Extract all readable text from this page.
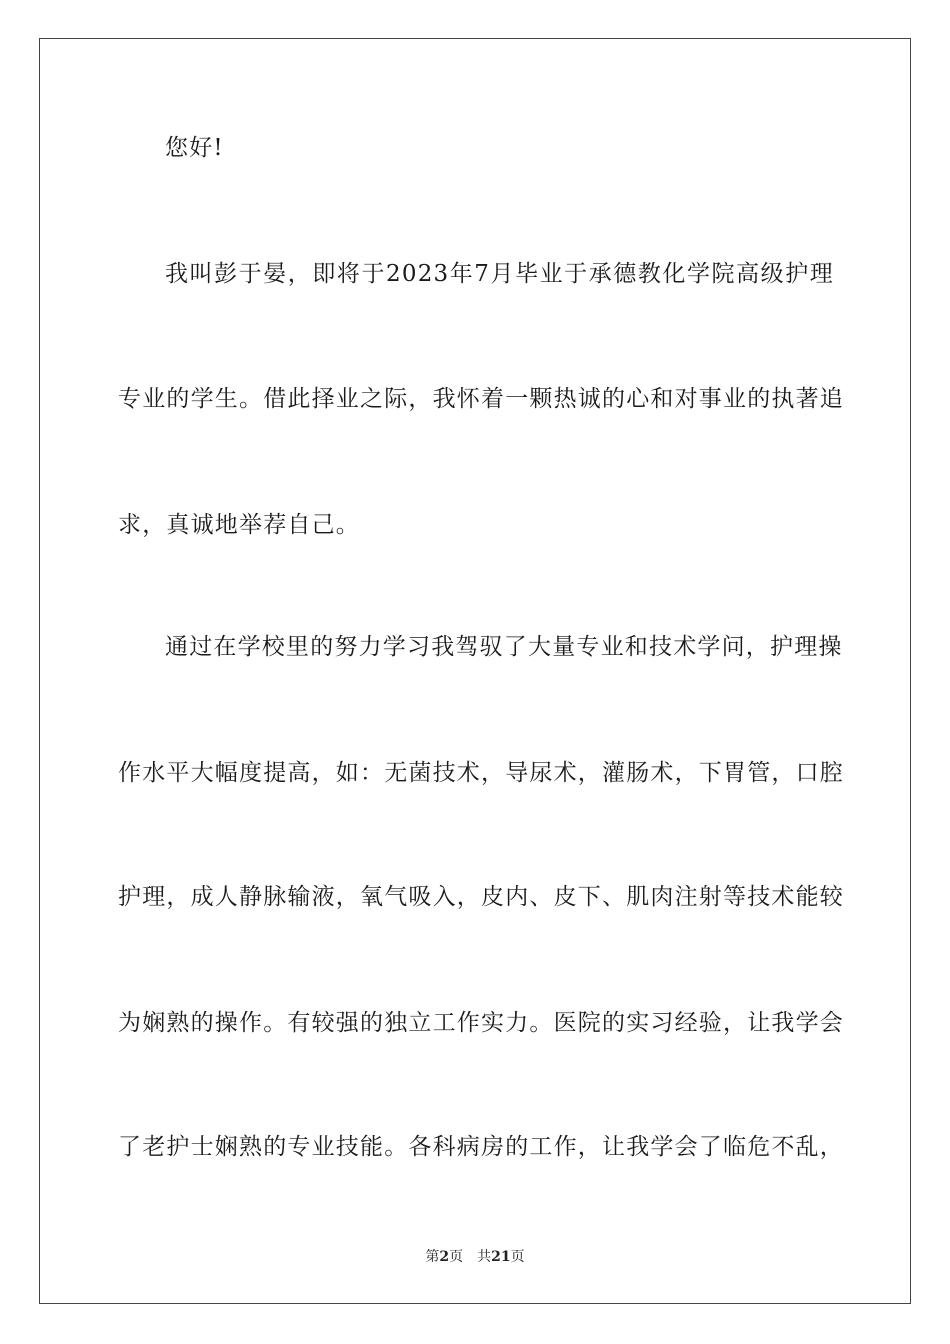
您好!
我叫彭于晏，即将于2023年7月毕业于承德教化学院高级护理
专业的学生。借此择业之际，我怀着一颗热诚的心和对事业的执著追
求，真诚地举荐自己。
通过在学校里的努力学习我驾驭了大量专业和技术学问，护理操
作水平大幅度提高，如：无菌技术，导尿术，灌肠术，下胃管，口腔
护理，成人静脉输液，氧气吸入，皮内、皮下、肌肉注射等技术能较
为娴熟的操作。有较强的独立工作实力。医院的实习经验，让我学会
了老护士娴熟的专业技能。各科病房的工作，让我学会了临危不乱，
第2页 共21页
